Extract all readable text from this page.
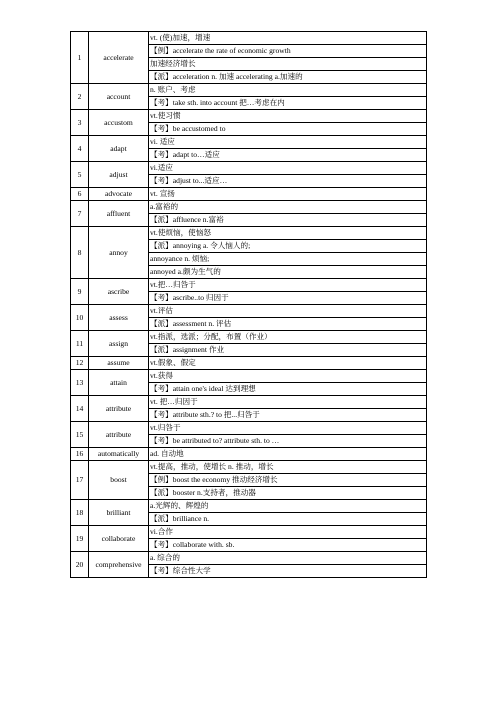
1	accelerate	vt. (使)加速，增速
		【例】accelerate the rate of economic growth
		加速经济增长
		【派】acceleration n. 加速 accelerating a.加速的
2	account	n. 账户、考虑
		【考】take sth. into account 把…考虑在内
3	accustom	vt.使习惯
		【考】be accustomed to
4	adapt	vi. 适应
		【考】adapt to…适应
5	adjust	vi.适应
		【考】adjust to...适应…
6	advocate	vt. 宣扬
7	affluent	a.富裕的
		【派】affluence n.富裕
8	annoy	vt.使烦恼，使恼怒
		【派】annoying a. 令人恼人的;
		annoyance n. 烦恼;
		annoyed a.颇为生气的
9	ascribe	vt.把…归咎于
		【考】ascribe..to 归因于
10	assess	vt.评估
		【派】assessment n. 评估
11	assign	vt.指派，选派；分配，布置（作业）
		【派】assignment 作业
12	assume	vt.假象、假定
13	attain	vt.获得
		【考】attain one's ideal 达到理想
14	attribute	vt. 把…归因于
		【考】attribute sth.? to 把...归咎于
15	attribute	vt.归咎于
		【考】be attributed to? attribute sth. to …
16	automatically	ad. 自动地
17	boost	vt.提高，推动，使增长 n. 推动，增长
		【例】boost the economy 推动经济增长
		【派】booster n.支持者，推动器
18	brilliant	a.光辉的、辉煌的
		【派】brilliance n.
19	collaborate	vi.合作
		【考】collaborate with. sb.
20	comprehensive	a. 综合的
		【考】综合性大学
